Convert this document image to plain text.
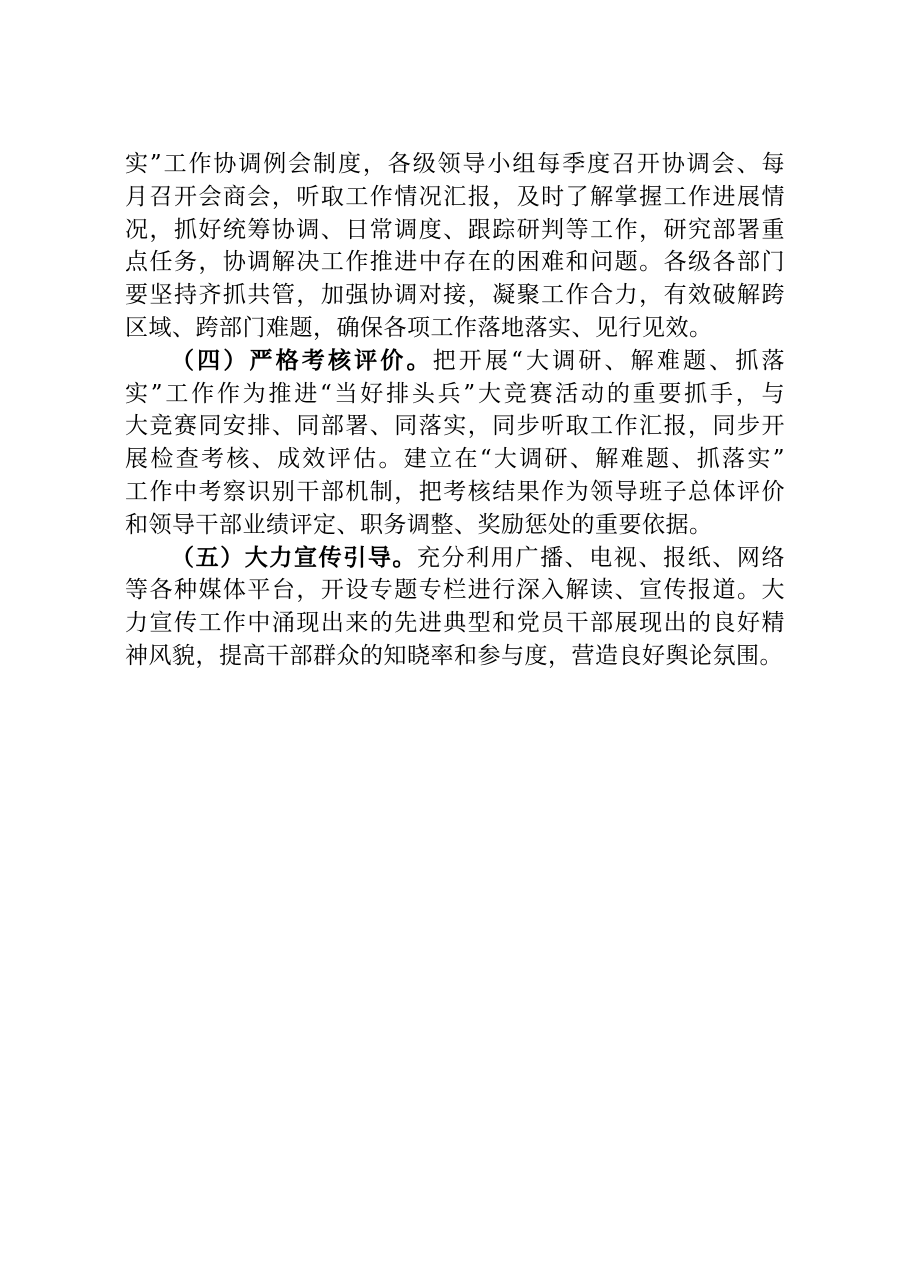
实”工作协调例会制度，各级领导小组每季度召开协调会、每
月召开会商会，听取工作情况汇报，及时了解掌握工作进展情
况，抓好统筹协调、日常调度、跟踪研判等工作，研究部署重
点任务，协调解决工作推进中存在的困难和问题。各级各部门
要坚持齐抓共管，加强协调对接，凝聚工作合力，有效破解跨
区域、跨部门难题，确保各项工作落地落实、见行见效。
（四）严格考核评价。把开展“大调研、解难题、抓落
实”工作作为推进“当好排头兵”大竞赛活动的重要抓手，与
大竞赛同安排、同部署、同落实，同步听取工作汇报，同步开
展检查考核、成效评估。建立在“大调研、解难题、抓落实”
工作中考察识别干部机制，把考核结果作为领导班子总体评价
和领导干部业绩评定、职务调整、奖励惩处的重要依据。
（五）大力宣传引导。充分利用广播、电视、报纸、网络
等各种媒体平台，开设专题专栏进行深入解读、宣传报道。大
力宣传工作中涌现出来的先进典型和党员干部展现出的良好精
神风貌，提高干部群众的知晓率和参与度，营造良好舆论氛围。
